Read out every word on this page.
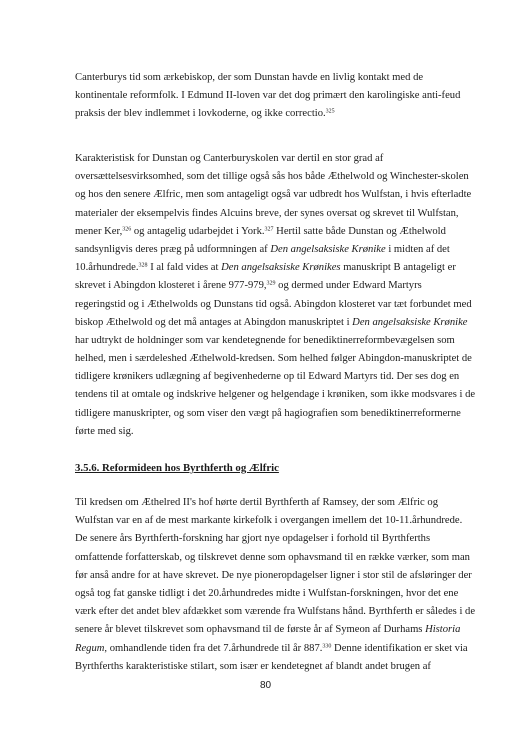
Canterburys tid som ærkebiskop, der som Dunstan havde en livlig kontakt med de
kontinentale reformfolk. I Edmund II-loven var det dog primært den karolingiske anti-feud
praksis der blev indlemmet i lovkoderne, og ikke correctio.$^{325}$
Karakteristisk for Dunstan og Canterburyskolen var dertil en stor grad af
oversættelsesvirksomhed, som det tillige også sås hos både Æthelwold og Winchester-skolen
og hos den senere Ælfric, men som antageligt også var udbredt hos Wulfstan, i hvis efterladte
materialer der eksempelvis findes Alcuins breve, der synes oversat og skrevet til Wulfstan,
mener Ker,$^{326}$ og antagelig udarbejdet i York.$^{327}$ Hertil satte både Dunstan og Æthelwold
sandsynligvis deres præg på udformningen af Den angelsaksiske Krønike i midten af det
10.århundrede.$^{328}$ I al fald vides at Den angelsaksiske Krønikes manuskript B antageligt er
skrevet i Abingdon klosteret i årene 977-979,$^{329}$ og dermed under Edward Martyrs
regeringstid og i Æthelwolds og Dunstans tid også. Abingdon klosteret var tæt forbundet med
biskop Æthelwold og det må antages at Abingdon manuskriptet i Den angelsaksiske Krønike
har udtrykt de holdninger som var kendetegnende for benediktinerreformbevægelsen som
helhed, men i særdeleshed Æthelwold-kredsen. Som helhed følger Abingdon-manuskriptet de
tidligere krønikers udlægning af begivenhederne op til Edward Martyrs tid. Der ses dog en
tendens til at omtale og indskrive helgener og helgendage i krøniken, som ikke modsvares i de
tidligere manuskripter, og som viser den vægt på hagiografien som benediktinerreformerne
førte med sig.
3.5.6. Reformideen hos Byrthferth og Ælfric
Til kredsen om Æthelred II's hof hørte dertil Byrthferth af Ramsey, der som Ælfric og
Wulfstan var en af de mest markante kirkefolk i overgangen imellem det 10-11.århundrede.
De senere års Byrthferth-forskning har gjort nye opdagelser i forhold til Byrthferths
omfattende forfatterskab, og tilskrevet denne som ophavsmand til en række værker, som man
før anså andre for at have skrevet. De nye pioneropdagelser ligner i stor stil de afsløringer der
også tog fat ganske tidligt i det 20.århundredes midte i Wulfstan-forskningen, hvor det ene
værk efter det andet blev afdækket som værende fra Wulfstans hånd. Byrthferth er således i de
senere år blevet tilskrevet som ophavsmand til de første år af Symeon af Durhams Historia
Regum, omhandlende tiden fra det 7.århundrede til år 887.$^{330}$ Denne identifikation er sket via
Byrthferths karakteristiske stilart, som især er kendetegnet af blandt andet brugen af
80
